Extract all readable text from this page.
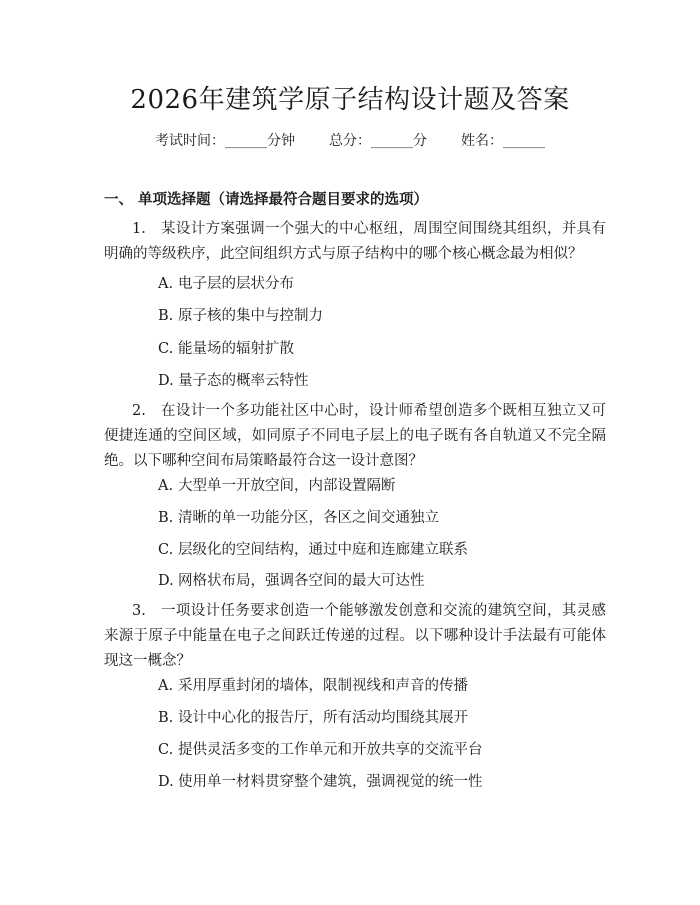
2026年建筑学原子结构设计题及答案
考试时间：______分钟 总分：______分 姓名：______
一、 单项选择题（请选择最符合题目要求的选项）
1.　某设计方案强调一个强大的中心枢纽，周围空间围绕其组织，并具有明确的等级秩序，此空间组织方式与原子结构中的哪个核心概念最为相似？
A. 电子层的层状分布
B. 原子核的集中与控制力
C. 能量场的辐射扩散
D. 量子态的概率云特性
2.　在设计一个多功能社区中心时，设计师希望创造多个既相互独立又可便捷连通的空间区域，如同原子不同电子层上的电子既有各自轨道又不完全隔绝。以下哪种空间布局策略最符合这一设计意图？
A. 大型单一开放空间，内部设置隔断
B. 清晰的单一功能分区，各区之间交通独立
C. 层级化的空间结构，通过中庭和连廊建立联系
D. 网格状布局，强调各空间的最大可达性
3.　一项设计任务要求创造一个能够激发创意和交流的建筑空间，其灵感来源于原子中能量在电子之间跃迁传递的过程。以下哪种设计手法最有可能体现这一概念？
A. 采用厚重封闭的墙体，限制视线和声音的传播
B. 设计中心化的报告厅，所有活动均围绕其展开
C. 提供灵活多变的工作单元和开放共享的交流平台
D. 使用单一材料贯穿整个建筑，强调视觉的统一性
